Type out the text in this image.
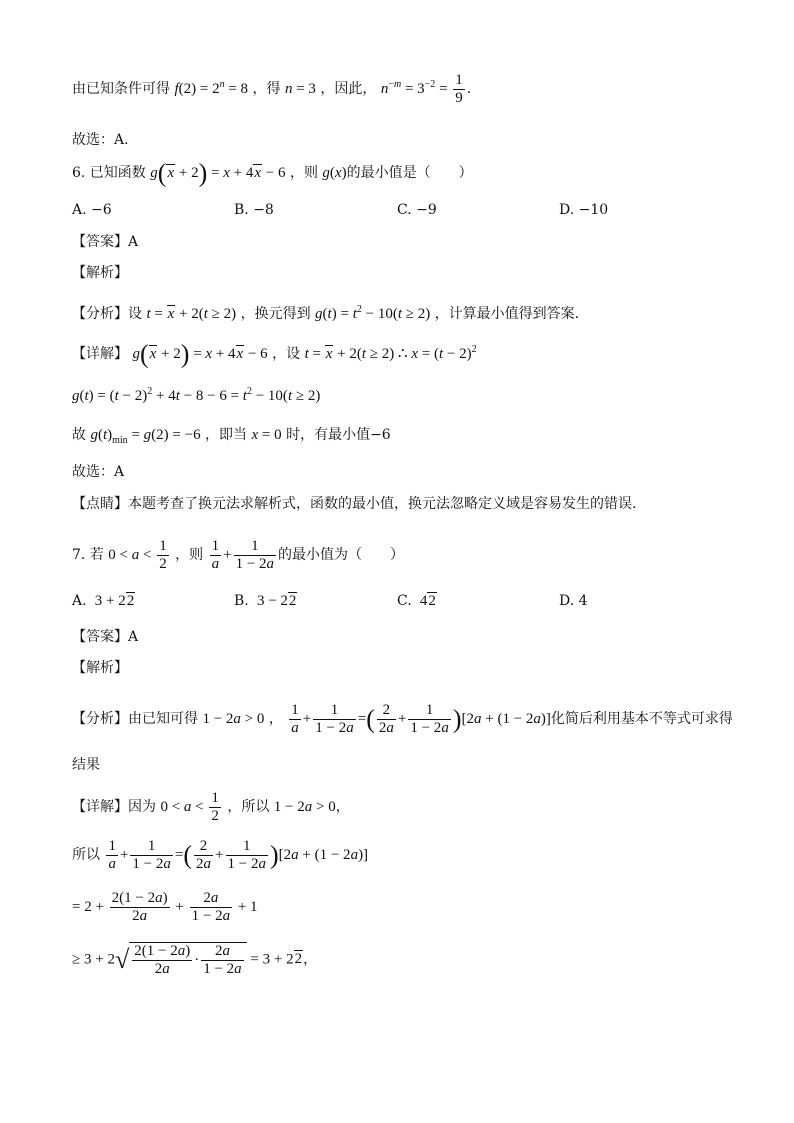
由已知条件可得 $f(2) = 2^n = 8$ ，得 n = 3 ，因此， $n^{-m} = 3^{-2} = \frac{1}{9}$ .
故选：A.
6. 已知函数 g(x + 2) = x + 4x − 6 ，则 g(x)的最小值是（　　）
A. −6	B. −8	C. −9	D. −10
【答案】A
【解析】
【分析】设 t = x + 2(t ≥ 2) ，换元得到 $g(t) = t^2 - 10(t \ge 2)$ ，计算最小值得到答案.
【详解】 g(x + 2) = x + 4x − 6 ，设 t = x + 2(t ≥ 2) ∴ $x = (t - 2)^2$
$g(t) = (t - 2)^2 + 4t - 8 - 6 = t^2 - 10(t \ge 2)$
故 $g(t)_{min} = g(2) = -6$ ，即当 x = 0 时，有最小值−6
故选：A
【点睛】本题考查了换元法求解析式，函数的最小值，换元法忽略定义域是容易发生的错误.
7. 若 $0 < a < \frac{1}{2}$ ，则 $\frac{1}{a} + \frac{1}{1 - 2a}$ 的最小值为（　　）
A.  3 + 22	B.  3 − 22	C.  42	D. 4
【答案】A
【解析】
【分析】由已知可得 1 − 2a > 0 ， $\frac{1}{a} + \frac{1}{1 - 2a}$ =( $\frac{2}{2a} + \frac{1}{1 - 2a} )[2a + (1 - 2a)]$化简后利用基本不等式可求得
结果
【详解】因为 $0 < a < \frac{1}{2}$ ，所以 1 − 2a > 0，
所以 $\frac{1}{a} + \frac{1}{1 - 2a}$ =( $\frac{2}{2a} + \frac{1}{1 - 2a} )[2a + (1 - 2a)]$
= $2 + \frac{2(1 - 2a)}{2a} + \frac{2a}{1 - 2a} + 1$
≥ $3 + 2√ \frac{2(1 - 2a)}{2a} \cdot \frac{2a}{1 - 2a} = 3 + 22$，
